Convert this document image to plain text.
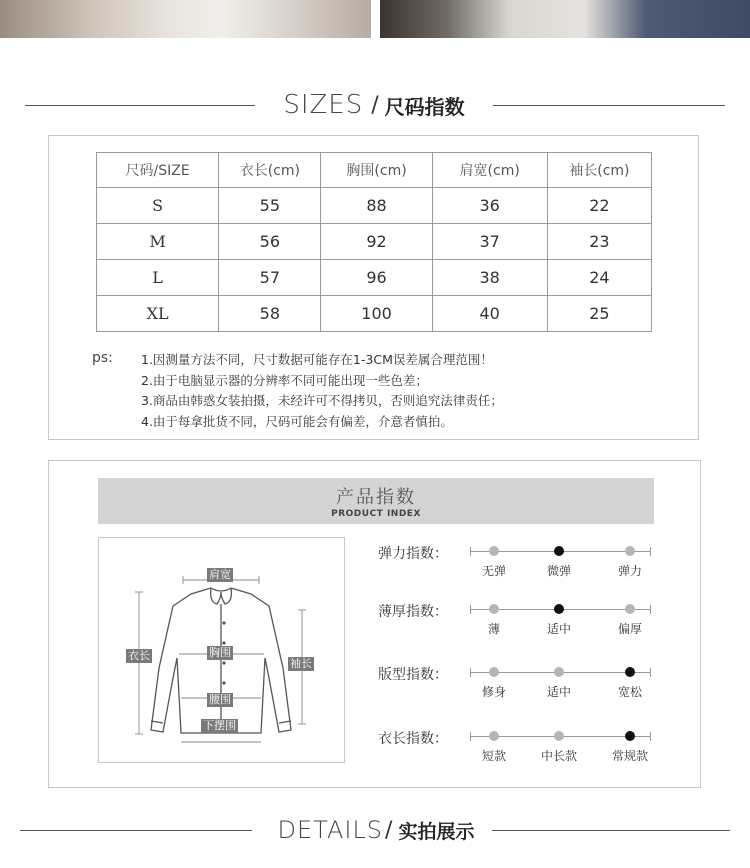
SIZES / 尺码指数
尺码/SIZE	衣长(cm)	胸围(cm)	肩宽(cm)	袖长(cm)
S	55	88	36	22
M	56	92	37	23
L	57	96	38	24
XL	58	100	40	25
ps: 1.因测量方法不同，尺寸数据可能存在1-3CM误差属合理范围！
2.由于电脑显示器的分辨率不同可能出现一些色差；
3.商品由韩惑女装拍摄，未经许可不得拷贝，否则追究法律责任；
4.由于每拿批货不同，尺码可能会有偏差，介意者慎拍。
产品指数
PRODUCT INDEX
肩宽
衣长	胸围
袖长
腰围
下摆围
弹力指数：
无弹	微弹	弹力
薄厚指数：
薄	适中	偏厚
版型指数：
修身	适中	宽松
衣长指数：
短款	中长款	常规款
DETAILS / 实拍展示
